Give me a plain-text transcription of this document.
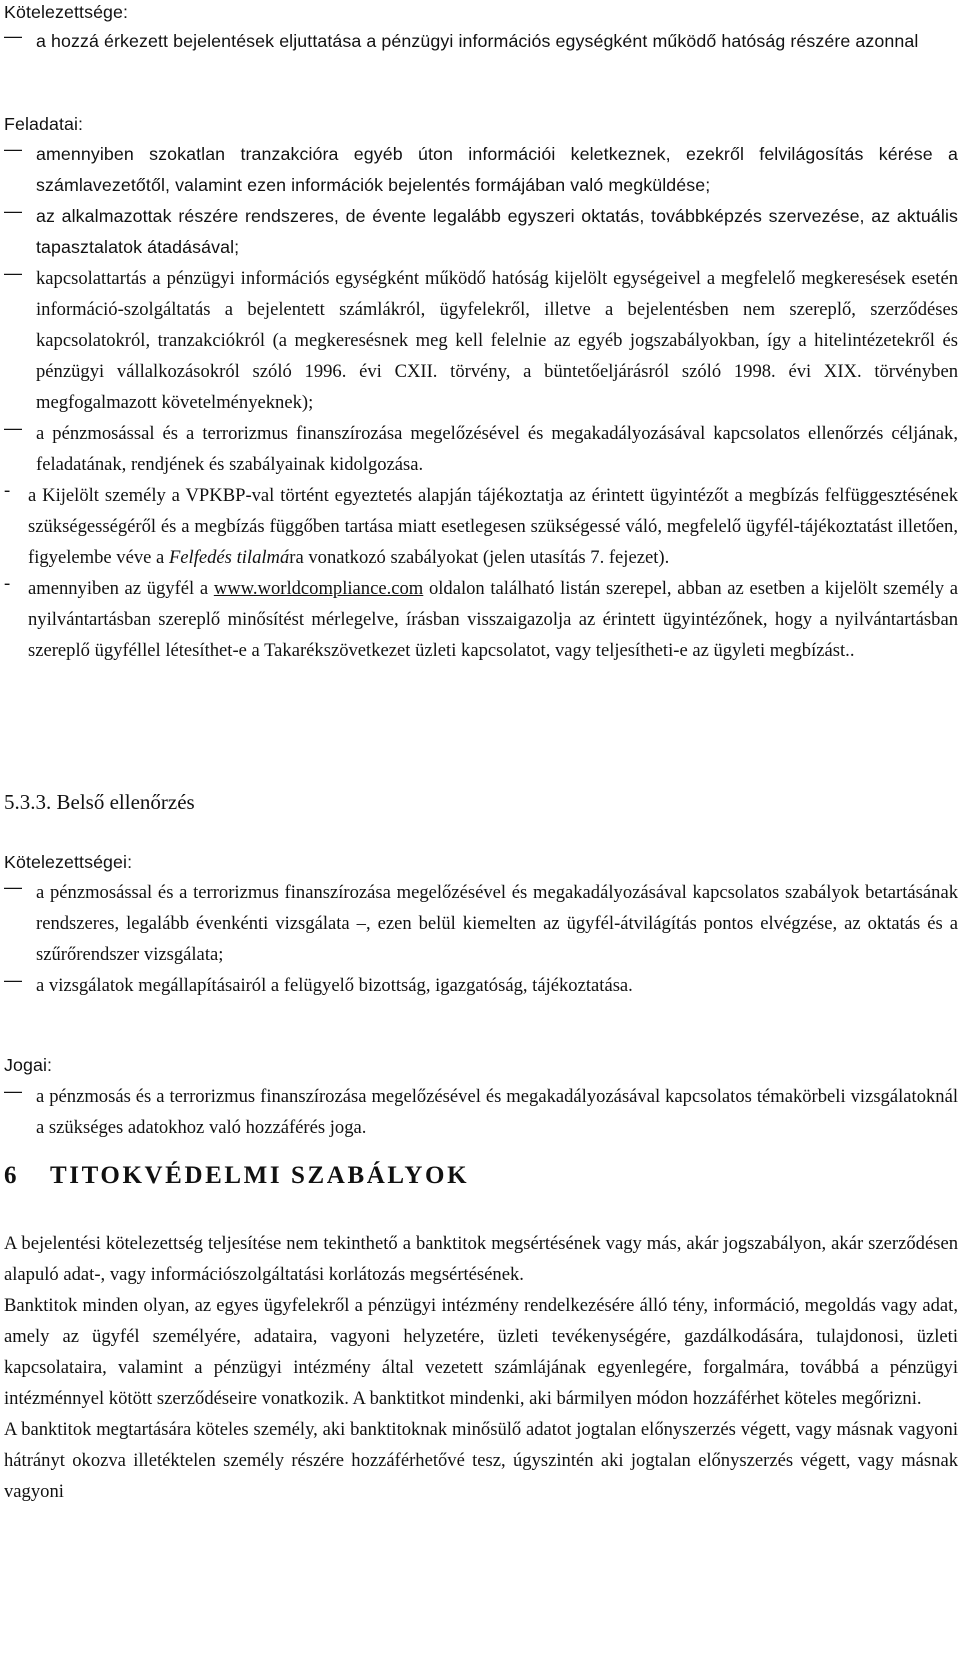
Kötelezettsége:
— a hozzá érkezett bejelentések eljuttatása a pénzügyi információs egységként működő hatóság részére azonnal
Feladatai:
— amennyiben szokatlan tranzakcióra egyéb úton információi keletkeznek, ezekről felvilágosítás kérése a számlavezetőtől, valamint ezen információk bejelentés formájában való megküldése;
— az alkalmazottak részére rendszeres, de évente legalább egyszeri oktatás, továbbképzés szervezése, az aktuális tapasztalatok átadásával;
— kapcsolattartás a pénzügyi információs egységként működő hatóság kijelölt egységeivel a megfelelő megkeresések esetén információ-szolgáltatás a bejelentett számlákról, ügyfelekről, illetve a bejelentésben nem szereplő, szerződéses kapcsolatokról, tranzakciókról (a megkeresésnek meg kell felelnie az egyéb jogszabályokban, így a hitelintézetekről és pénzügyi vállalkozásokról szóló 1996. évi CXII. törvény, a büntetőeljárásról szóló 1998. évi XIX. törvényben megfogalmazott követelményeknek);
— a pénzmosással és a terrorizmus finanszírozása megelőzésével és megakadályozásával kapcsolatos ellenőrzés céljának, feladatának, rendjének és szabályainak kidolgozása.
- a Kijelölt személy a VPKBP-val történt egyeztetés alapján tájékoztatja az érintett ügyintézőt a megbízás felfüggesztésének szükségességéről és a megbízás függőben tartása miatt esetlegesen szükségessé váló, megfelelő ügyfél-tájékoztatást illetően, figyelembe véve a Felfedés tilalmára vonatkozó szabályokat (jelen utasítás 7. fejezet).
- amennyiben az ügyfél a www.worldcompliance.com oldalon található listán szerepel, abban az esetben a kijelölt személy a nyilvántartásban szereplő minősítést mérlegelve, írásban visszaigazolja az érintett ügyintézőnek, hogy a nyilvántartásban szereplő ügyféllel létesíthet-e a Takarékszövetkezet üzleti kapcsolatot, vagy teljesítheti-e az ügyleti megbízást..
5.3.3. Belső ellenőrzés
Kötelezettségei:
— a pénzmosással és a terrorizmus finanszírozása megelőzésével és megakadályozásával kapcsolatos szabályok betartásának rendszeres, legalább évenkénti vizsgálata –, ezen belül kiemelten az ügyfél-átvilágítás pontos elvégzése, az oktatás és a szűrőrendszer vizsgálata;
— a vizsgálatok megállapításairól a felügyelő bizottság, igazgatóság, tájékoztatása.
Jogai:
— a pénzmosás és a terrorizmus finanszírozása megelőzésével és megakadályozásával kapcsolatos témakörbeli vizsgálatoknál a szükséges adatokhoz való hozzáférés joga.
6 TITOKVÉDELMI SZABÁLYOK

A bejelentési kötelezettség teljesítése nem tekinthető a banktitok megsértésének vagy más, akár jogszabályon, akár szerződésen alapuló adat-, vagy információszolgáltatási korlátozás megsértésének.

Banktitok minden olyan, az egyes ügyfelekről a pénzügyi intézmény rendelkezésére álló tény, információ, megoldás vagy adat, amely az ügyfél személyére, adataira, vagyoni helyzetére, üzleti tevékenységére, gazdálkodására, tulajdonosi, üzleti kapcsolataira, valamint a pénzügyi intézmény által vezetett számlájának egyenlegére, forgalmára, továbbá a pénzügyi intézménnyel kötött szerződéseire vonatkozik. A banktitkot mindenki, aki bármilyen módon hozzáférhet köteles megőrizni.

A banktitok megtartására köteles személy, aki banktitoknak minősülő adatot jogtalan előnyszerzés végett, vagy másnak vagyoni hátrányt okozva illetéktelen személy részére hozzáférhetővé tesz, úgyszintén aki jogtalan előnyszerzés végett, vagy másnak vagyoni
